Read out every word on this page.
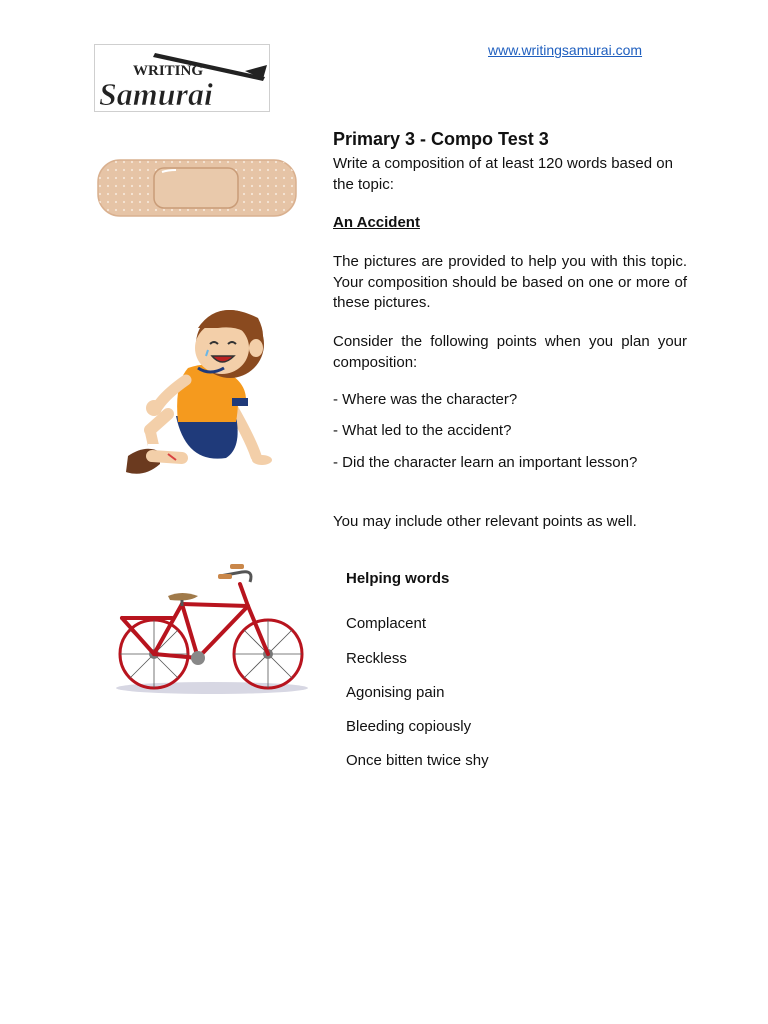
WRITING
Samurai
www.writingsamurai.com
Primary 3 - Compo Test 3

Write a composition of at least 120 words based on the topic:

An Accident

The pictures are provided to help you with this topic. Your composition should be based on one or more of these pictures.

Consider the following points when you plan your composition:

- Where was the character?

- What led to the accident?

- Did the character learn an important lesson?

You may include other relevant points as well.

Helping words

Complacent

Reckless

Agonising pain

Bleeding copiously

Once bitten twice shy
